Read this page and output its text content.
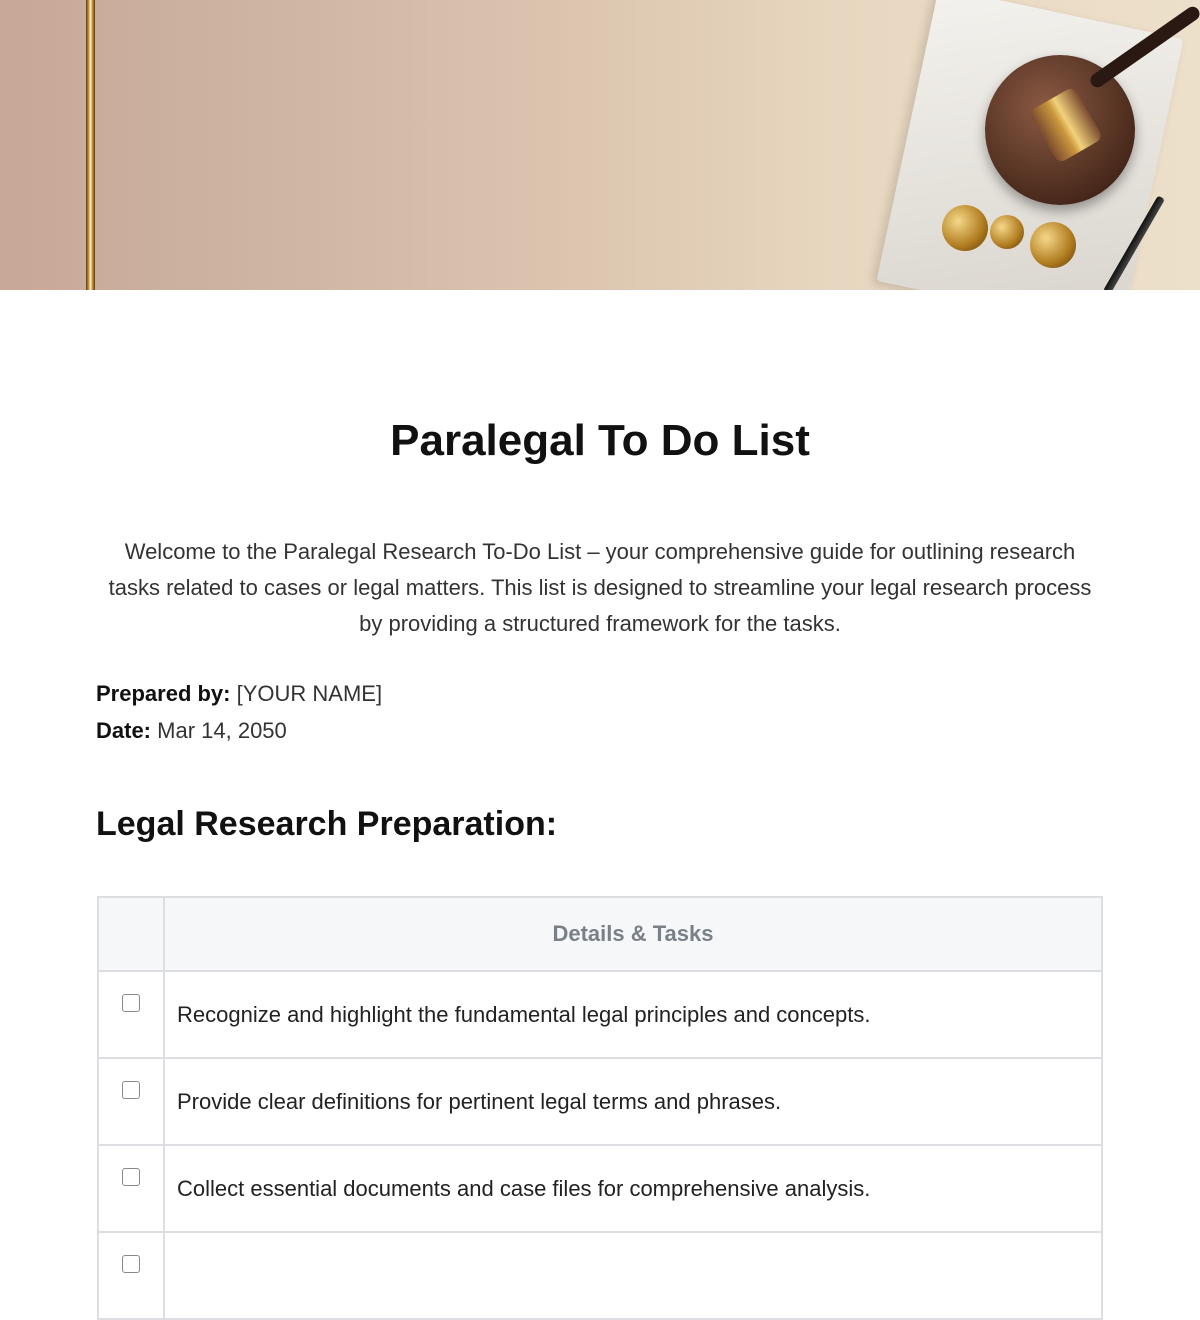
Paralegal To Do List

Welcome to the Paralegal Research To-Do List – your comprehensive guide for outlining research tasks related to cases or legal matters. This list is designed to streamline your legal research process by providing a structured framework for the tasks.

Prepared by: [YOUR NAME]
Date: Mar 14, 2050
Legal Research Preparation:
	Details & Tasks
	Recognize and highlight the fundamental legal principles and concepts.
	Provide clear definitions for pertinent legal terms and phrases.
	Collect essential documents and case files for comprehensive analysis.
